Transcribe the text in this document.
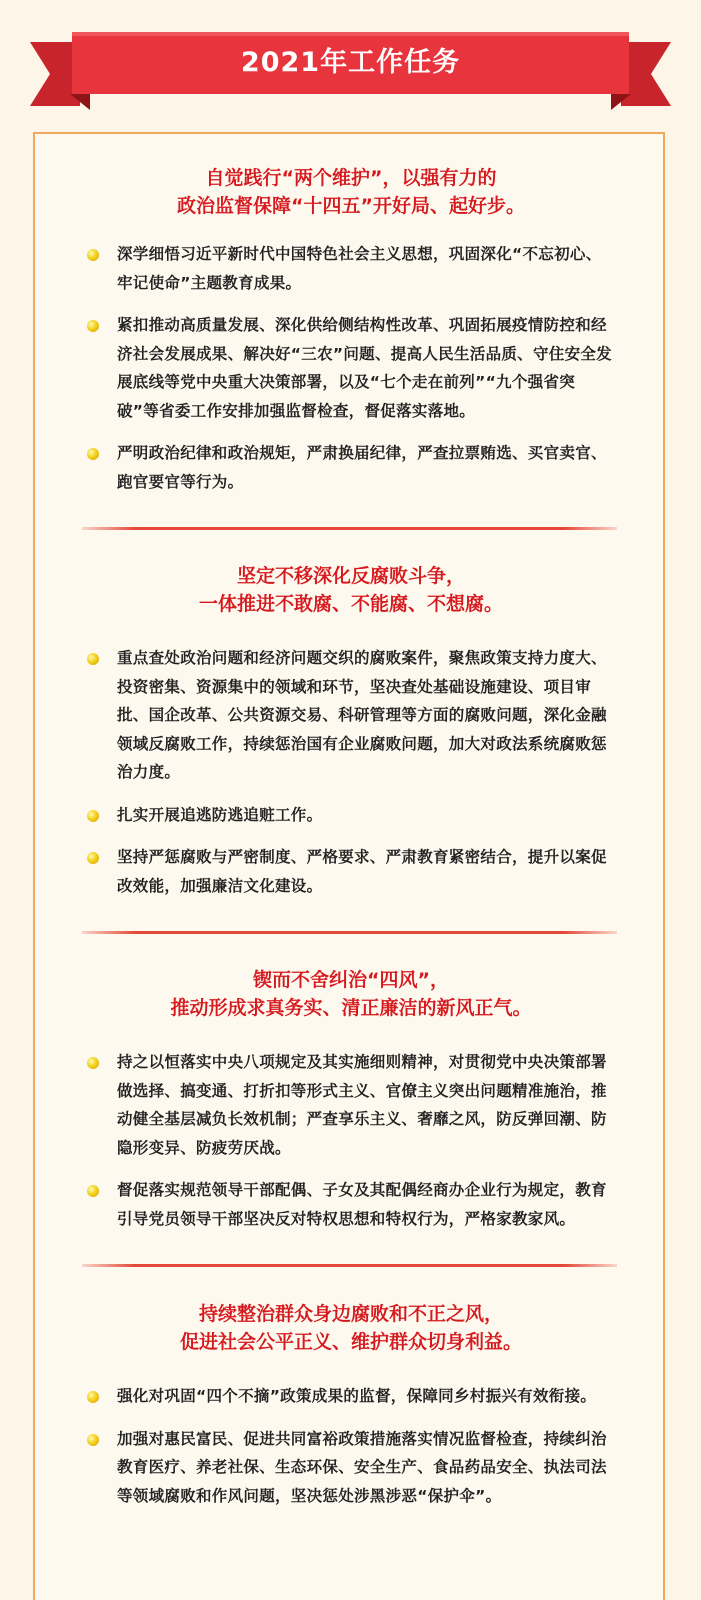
2021年工作任务

自觉践行“两个维护”，以强有力的
政治监督保障“十四五”开好局、起好步。

深学细悟习近平新时代中国特色社会主义思想，巩固深化“不忘初心、牢记使命”主题教育成果。
紧扣推动高质量发展、深化供给侧结构性改革、巩固拓展疫情防控和经济社会发展成果、解决好“三农”问题、提高人民生活品质、守住安全发展底线等党中央重大决策部署，以及“七个走在前列”“九个强省突破”等省委工作安排加强监督检查，督促落实落地。
严明政治纪律和政治规矩，严肃换届纪律，严查拉票贿选、买官卖官、跑官要官等行为。

坚定不移深化反腐败斗争，
一体推进不敢腐、不能腐、不想腐。

重点查处政治问题和经济问题交织的腐败案件，聚焦政策支持力度大、投资密集、资源集中的领域和环节，坚决查处基础设施建设、项目审批、国企改革、公共资源交易、科研管理等方面的腐败问题，深化金融领域反腐败工作，持续惩治国有企业腐败问题，加大对政法系统腐败惩治力度。
扎实开展追逃防逃追赃工作。
坚持严惩腐败与严密制度、严格要求、严肃教育紧密结合，提升以案促改效能，加强廉洁文化建设。

锲而不舍纠治“四风”，
推动形成求真务实、清正廉洁的新风正气。

持之以恒落实中央八项规定及其实施细则精神，对贯彻党中央决策部署做选择、搞变通、打折扣等形式主义、官僚主义突出问题精准施治，推动健全基层减负长效机制；严查享乐主义、奢靡之风，防反弹回潮、防隐形变异、防疲劳厌战。
督促落实规范领导干部配偶、子女及其配偶经商办企业行为规定，教育引导党员领导干部坚决反对特权思想和特权行为，严格家教家风。

持续整治群众身边腐败和不正之风，
促进社会公平正义、维护群众切身利益。

强化对巩固“四个不摘”政策成果的监督，保障同乡村振兴有效衔接。
加强对惠民富民、促进共同富裕政策措施落实情况监督检查，持续纠治教育医疗、养老社保、生态环保、安全生产、食品药品安全、执法司法等领域腐败和作风问题，坚决惩处涉黑涉恶“保护伞”。
